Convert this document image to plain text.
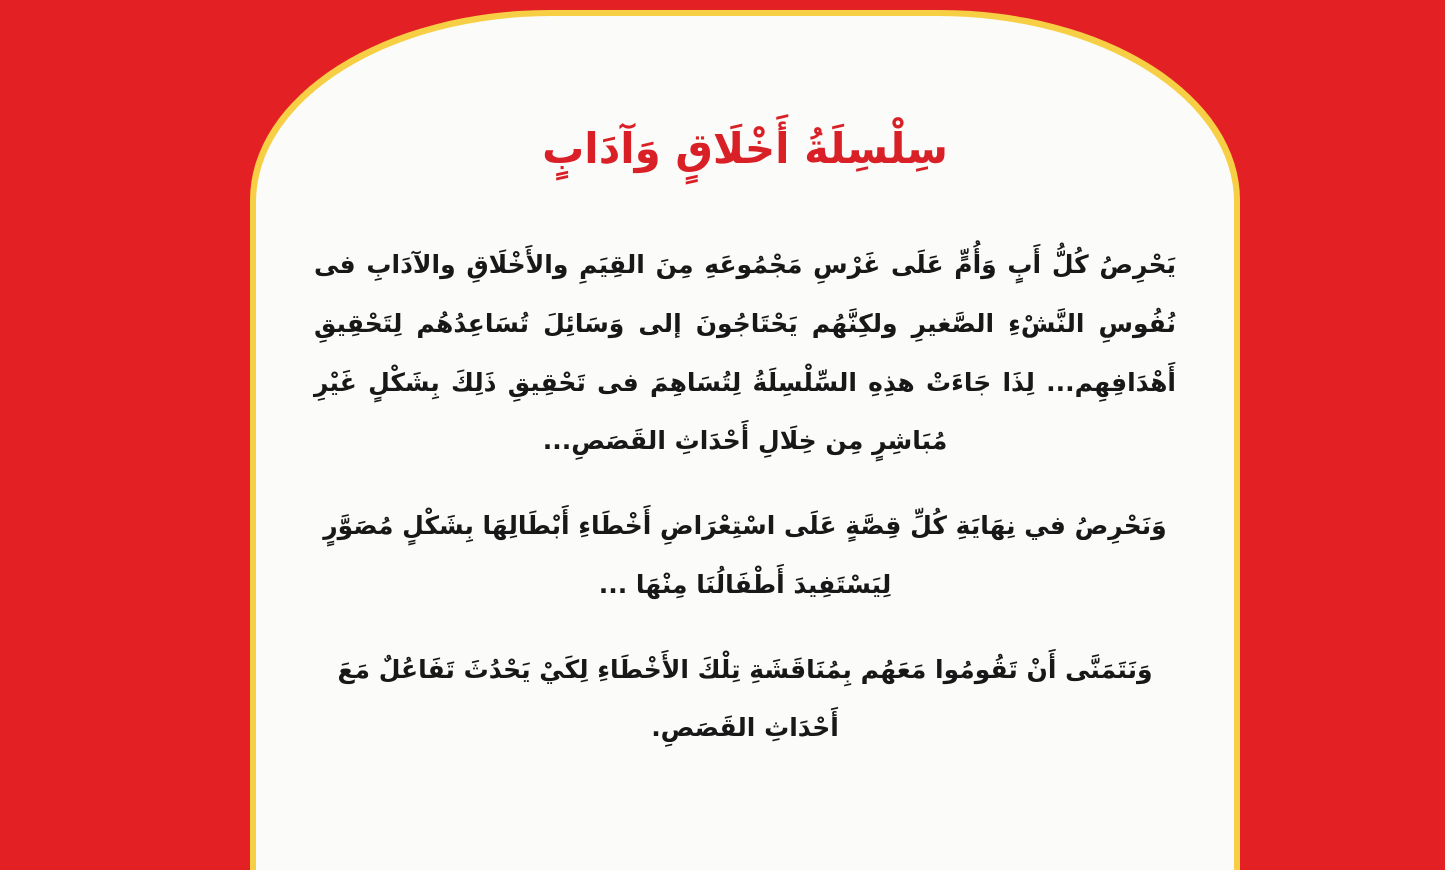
سِلْسِلَةُ أَخْلَاقٍ وَآدَابٍ

يَحْرِصُ كُلُّ أَبٍ وَأُمٍّ عَلَى غَرْسِ مَجْمُوعَهِ مِنَ القِيَمِ والأَخْلَاقِ والآدَابِ فى نُفُوسِ النَّشْءِ الصَّغيرِ ولكِنَّهُم يَحْتَاجُونَ إلى وَسَائِلَ تُسَاعِدُهُم لِتَحْقِيقِ أَهْدَافِهِم... لِذَا جَاءَتْ هذِهِ السِّلْسِلَةُ لِتُسَاهِمَ فى تَحْقِيقِ ذَلِكَ بِشَكْلٍ غَيْرِ مُبَاشِرٍ مِن خِلَالِ أَحْدَاثِ القَصَصِ...

وَنَحْرِصُ في نِهَايَةِ كُلِّ قِصَّةٍ عَلَى اسْتِعْرَاضِ أَخْطَاءِ أَبْطَالِهَا بِشَكْلٍ مُصَوَّرٍ لِيَسْتَفِيدَ أَطْفَالُنَا مِنْهَا ...

وَنَتَمَنَّى أَنْ تَقُومُوا مَعَهُم بِمُنَاقَشَةِ تِلْكَ الأَخْطَاءِ لِكَيْ يَحْدُثَ تَفَاعُلٌ مَعَ أَحْدَاثِ القَصَصِ.
